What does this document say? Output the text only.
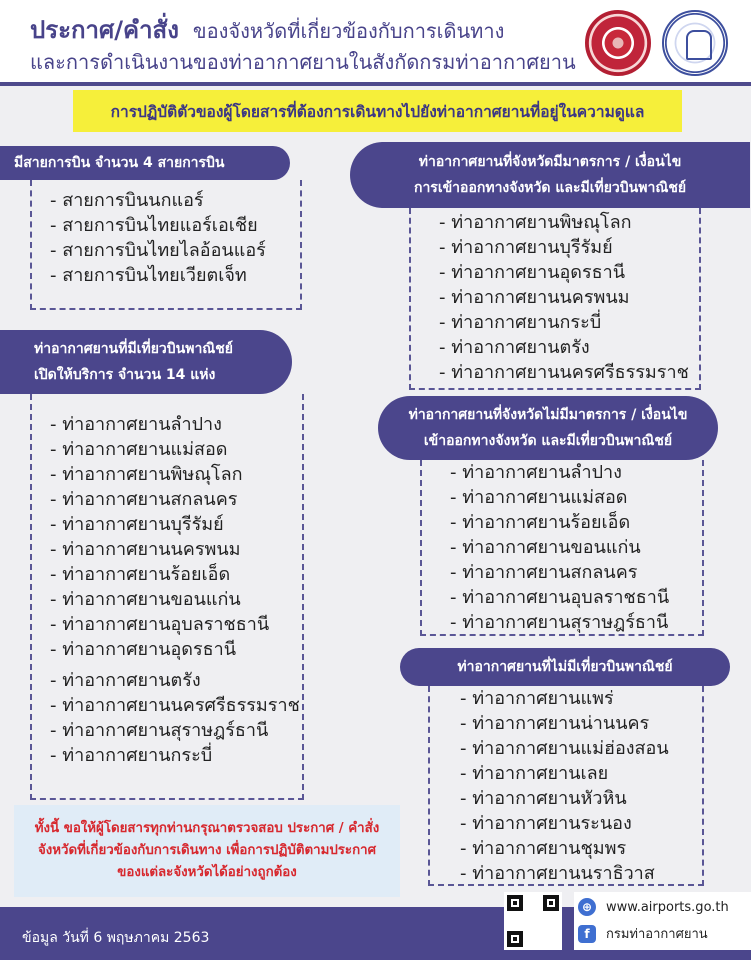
ประกาศ/คำสั่ง ของจังหวัดที่เกี่ยวข้องกับการเดินทาง
และการดำเนินงานของท่าอากาศยานในสังกัดกรมท่าอากาศยาน
การปฏิบัติตัวของผู้โดยสารที่ต้องการเดินทางไปยังท่าอากาศยานที่อยู่ในความดูแล
มีสายการบิน จำนวน 4 สายการบิน
- สายการบินนกแอร์
- สายการบินไทยแอร์เอเชีย
- สายการบินไทยไลอ้อนแอร์
- สายการบินไทยเวียตเจ็ท
ท่าอากาศยานที่มีเที่ยวบินพาณิชย์
เปิดให้บริการ จำนวน 14 แห่ง
- ท่าอากาศยานลำปาง
- ท่าอากาศยานแม่สอด
- ท่าอากาศยานพิษณุโลก
- ท่าอากาศยานสกลนคร
- ท่าอากาศยานบุรีรัมย์
- ท่าอากาศยานนครพนม
- ท่าอากาศยานร้อยเอ็ด
- ท่าอากาศยานขอนแก่น
- ท่าอากาศยานอุบลราชธานี
- ท่าอากาศยานอุดรธานี
- ท่าอากาศยานตรัง
- ท่าอากาศยานนครศรีธรรมราช
- ท่าอากาศยานสุราษฎร์ธานี
- ท่าอากาศยานกระบี่
ท่าอากาศยานที่จังหวัดมีมาตรการ / เงื่อนไข
การเข้าออกทางจังหวัด และมีเที่ยวบินพาณิชย์
- ท่าอากาศยานพิษณุโลก
- ท่าอากาศยานบุรีรัมย์
- ท่าอากาศยานอุดรธานี
- ท่าอากาศยานนครพนม
- ท่าอากาศยานกระบี่
- ท่าอากาศยานตรัง
- ท่าอากาศยานนครศรีธรรมราช
ท่าอากาศยานที่จังหวัดไม่มีมาตรการ / เงื่อนไข
เข้าออกทางจังหวัด และมีเที่ยวบินพาณิชย์
- ท่าอากาศยานลำปาง
- ท่าอากาศยานแม่สอด
- ท่าอากาศยานร้อยเอ็ด
- ท่าอากาศยานขอนแก่น
- ท่าอากาศยานสกลนคร
- ท่าอากาศยานอุบลราชธานี
- ท่าอากาศยานสุราษฎร์ธานี
ท่าอากาศยานที่ไม่มีเที่ยวบินพาณิชย์
- ท่าอากาศยานแพร่
- ท่าอากาศยานน่านนคร
- ท่าอากาศยานแม่ฮ่องสอน
- ท่าอากาศยานเลย
- ท่าอากาศยานหัวหิน
- ท่าอากาศยานระนอง
- ท่าอากาศยานชุมพร
- ท่าอากาศยานนราธิวาส
ทั้งนี้ ขอให้ผู้โดยสารทุกท่านกรุณาตรวจสอบ ประกาศ / คำสั่ง
จังหวัดที่เกี่ยวข้องกับการเดินทาง เพื่อการปฏิบัติตามประกาศ
ของแต่ละจังหวัดได้อย่างถูกต้อง
ข้อมูล วันที่ 6 พฤษภาคม 2563
⊕	www.airports.go.th
f	กรมท่าอากาศยาน
